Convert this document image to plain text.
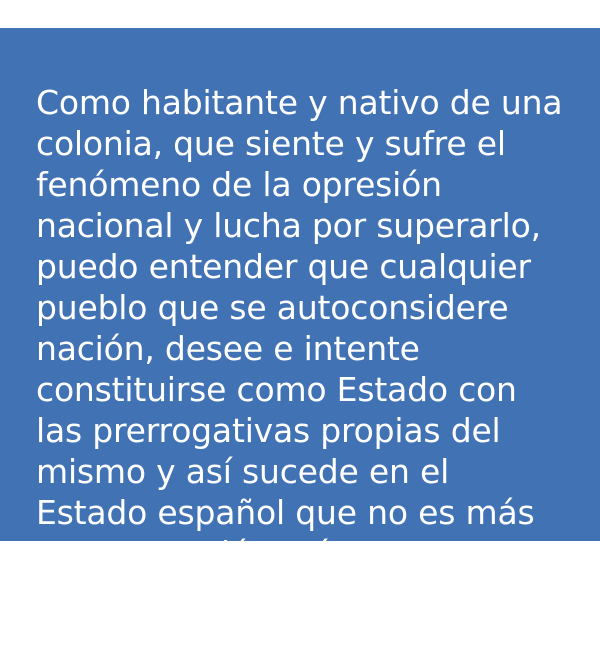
Como habitante y nativo de una colonia, que siente y sufre el fenómeno de la opresión nacional y lucha por superarlo, puedo entender que cualquier pueblo que se autoconsidere nación, desee e intente constituirse como Estado con las prerrogativas propias del mismo y así sucede en el Estado español que no es más que una unión más o menos forzada o contranatura de naciones.
